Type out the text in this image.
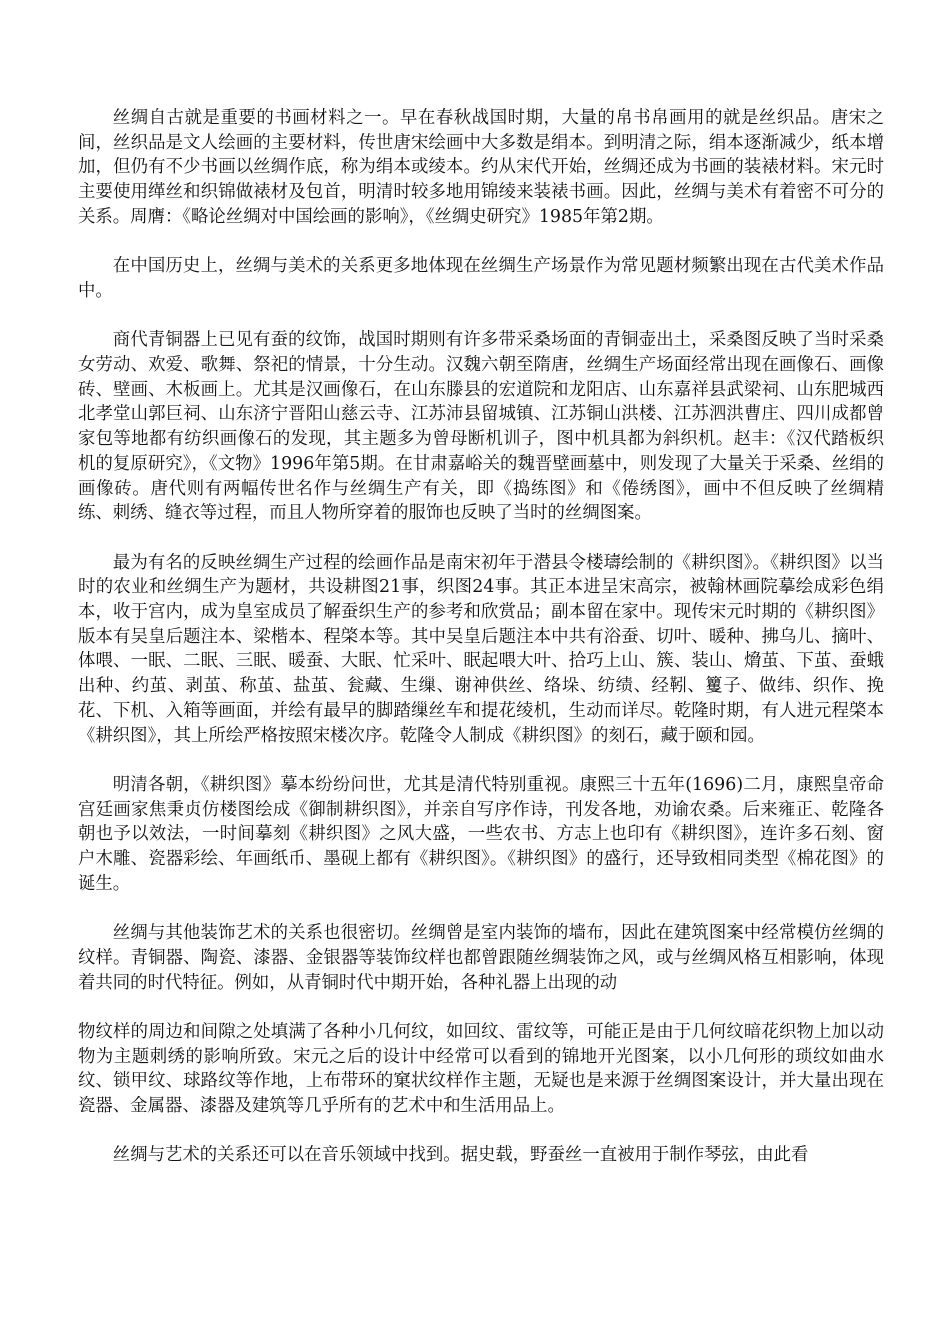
丝绸自古就是重要的书画材料之一。早在春秋战国时期，大量的帛书帛画用的就是丝织品。唐宋之间，丝织品是文人绘画的主要材料，传世唐宋绘画中大多数是绢本。到明清之际，绢本逐渐减少，纸本增加，但仍有不少书画以丝绸作底，称为绢本或绫本。约从宋代开始，丝绸还成为书画的装裱材料。宋元时主要使用缂丝和织锦做裱材及包首，明清时较多地用锦绫来装裱书画。因此，丝绸与美术有着密不可分的关系。周膺：《略论丝绸对中国绘画的影响》，《丝绸史研究》1985年第2期。

在中国历史上，丝绸与美术的关系更多地体现在丝绸生产场景作为常见题材频繁出现在古代美术作品中。

商代青铜器上已见有蚕的纹饰，战国时期则有许多带采桑场面的青铜壶出土，采桑图反映了当时采桑女劳动、欢爱、歌舞、祭祀的情景，十分生动。汉魏六朝至隋唐，丝绸生产场面经常出现在画像石、画像砖、壁画、木板画上。尤其是汉画像石，在山东滕县的宏道院和龙阳店、山东嘉祥县武梁祠、山东肥城西北孝堂山郭巨祠、山东济宁晋阳山慈云寺、江苏沛县留城镇、江苏铜山洪楼、江苏泗洪曹庄、四川成都曾家包等地都有纺织画像石的发现，其主题多为曾母断机训子，图中机具都为斜织机。赵丰：《汉代踏板织机的复原研究》，《文物》1996年第5期。在甘肃嘉峪关的魏晋壁画墓中，则发现了大量关于采桑、丝绢的画像砖。唐代则有两幅传世名作与丝绸生产有关，即《捣练图》和《倦绣图》，画中不但反映了丝绸精练、刺绣、缝衣等过程，而且人物所穿着的服饰也反映了当时的丝绸图案。

最为有名的反映丝绸生产过程的绘画作品是南宋初年于潜县令楼璹绘制的《耕织图》。《耕织图》以当时的农业和丝绸生产为题材，共设耕图21事，织图24事。其正本进呈宋高宗，被翰林画院摹绘成彩色绢本，收于宫内，成为皇室成员了解蚕织生产的参考和欣赏品；副本留在家中。现传宋元时期的《耕织图》版本有吴皇后题注本、梁楷本、程棨本等。其中吴皇后题注本中共有浴蚕、切叶、暖种、拂乌儿、摘叶、体喂、一眠、二眠、三眠、暖蚕、大眠、忙采叶、眠起喂大叶、拾巧上山、簇、装山、熁茧、下茧、蚕蛾出种、约茧、剥茧、称茧、盐茧、瓮藏、生缫、谢神供丝、络垛、纺绩、经靷、籰子、做纬、织作、挽花、下机、入箱等画面，并绘有最早的脚踏缫丝车和提花绫机，生动而详尽。乾隆时期，有人进元程棨本《耕织图》，其上所绘严格按照宋楼次序。乾隆令人制成《耕织图》的刻石，藏于颐和园。

明清各朝，《耕织图》摹本纷纷问世，尤其是清代特别重视。康熙三十五年(1696)二月，康熙皇帝命宫廷画家焦秉贞仿楼图绘成《御制耕织图》，并亲自写序作诗，刊发各地，劝谕农桑。后来雍正、乾隆各朝也予以效法，一时间摹刻《耕织图》之风大盛，一些农书、方志上也印有《耕织图》，连许多石刻、窗户木雕、瓷器彩绘、年画纸币、墨砚上都有《耕织图》。《耕织图》的盛行，还导致相同类型《棉花图》的诞生。

丝绸与其他装饰艺术的关系也很密切。丝绸曾是室内装饰的墙布，因此在建筑图案中经常模仿丝绸的纹样。青铜器、陶瓷、漆器、金银器等装饰纹样也都曾跟随丝绸装饰之风，或与丝绸风格互相影响，体现着共同的时代特征。例如，从青铜时代中期开始，各种礼器上出现的动

物纹样的周边和间隙之处填满了各种小几何纹，如回纹、雷纹等，可能正是由于几何纹暗花织物上加以动物为主题刺绣的影响所致。宋元之后的设计中经常可以看到的锦地开光图案，以小几何形的琐纹如曲水纹、锁甲纹、球路纹等作地，上布带环的窠状纹样作主题，无疑也是来源于丝绸图案设计，并大量出现在瓷器、金属器、漆器及建筑等几乎所有的艺术中和生活用品上。

丝绸与艺术的关系还可以在音乐领域中找到。据史载，野蚕丝一直被用于制作琴弦，由此看
